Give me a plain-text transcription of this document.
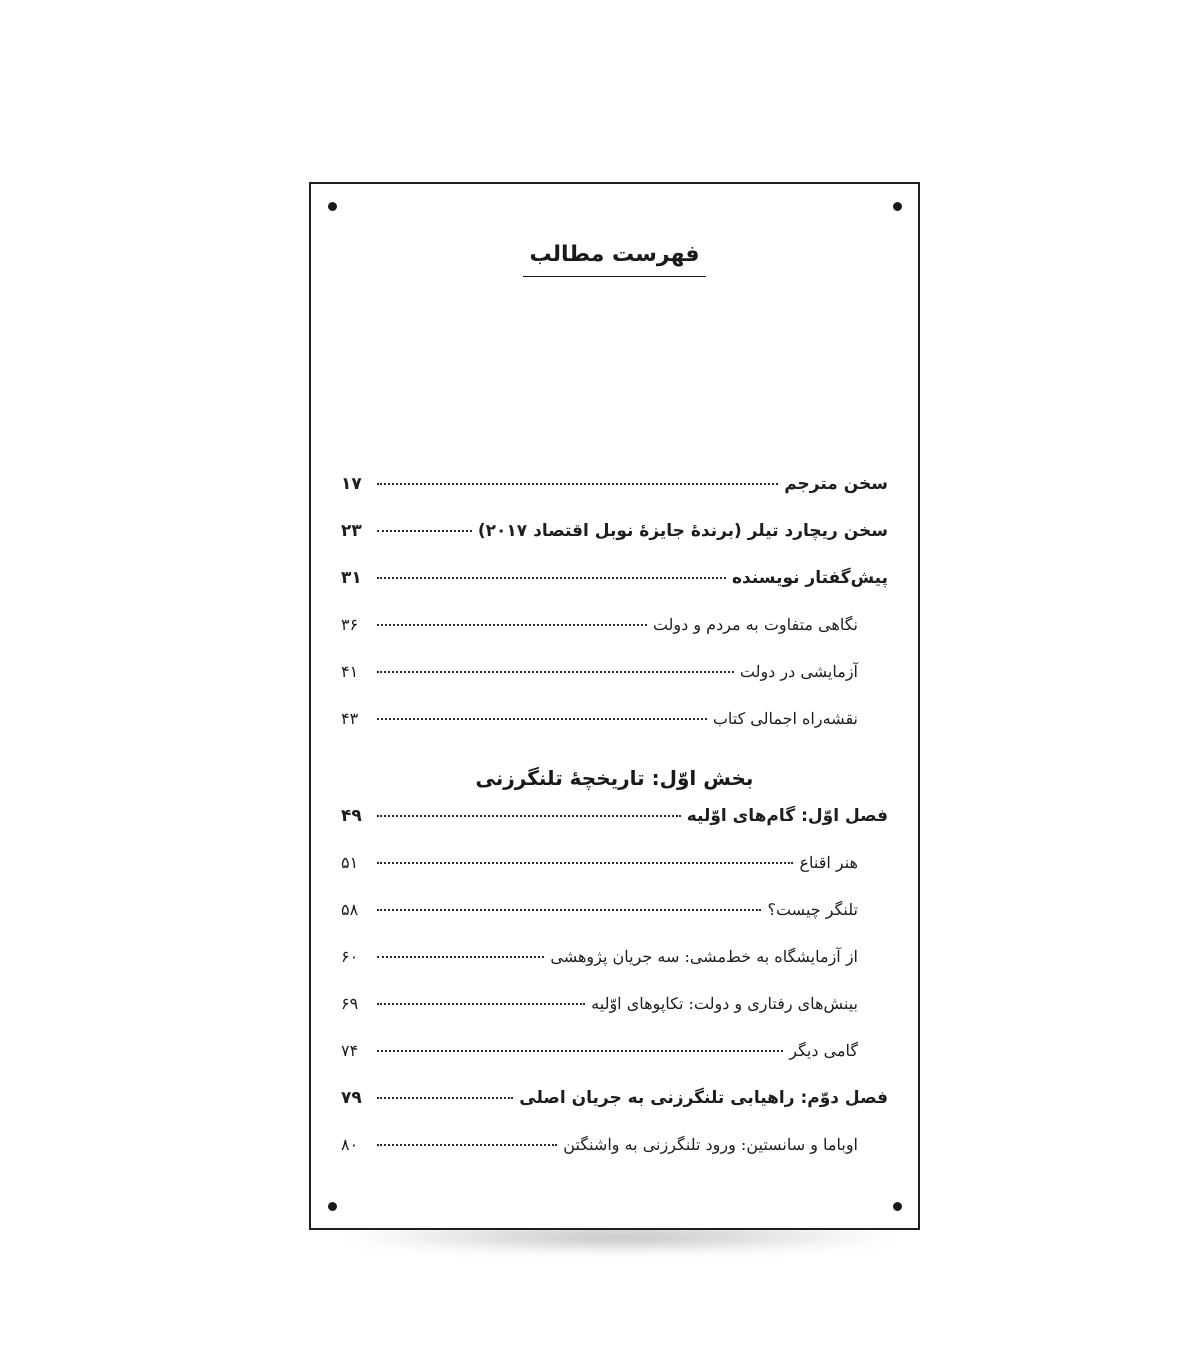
فهرست مطالب
سخن مترجم
۱۷
سخن ریچارد تیلر (برندهٔ جایزهٔ نوبل اقتصاد ۲۰۱۷)
۲۳
پیش‌گفتار نویسنده
۳۱
نگاهی متفاوت به مردم و دولت
۳۶
آزمایشی در دولت
۴۱
نقشه‌راه اجمالی کتاب
۴۳
بخش اوّل: تاریخچهٔ تلنگرزنی
فصل اوّل: گام‌های اوّلیه
۴۹
هنر اقناع
۵۱
تلنگر چیست؟
۵۸
از آزمایشگاه به خط‌مشی: سه جریان پژوهشی
۶۰
بینش‌های رفتاری و دولت: تکاپوهای اوّلیه
۶۹
گامی دیگر
۷۴
فصل دوّم: راهیابی تلنگرزنی به جریان اصلی
۷۹
اوباما و سانستین: ورود تلنگرزنی به واشنگتن
۸۰
